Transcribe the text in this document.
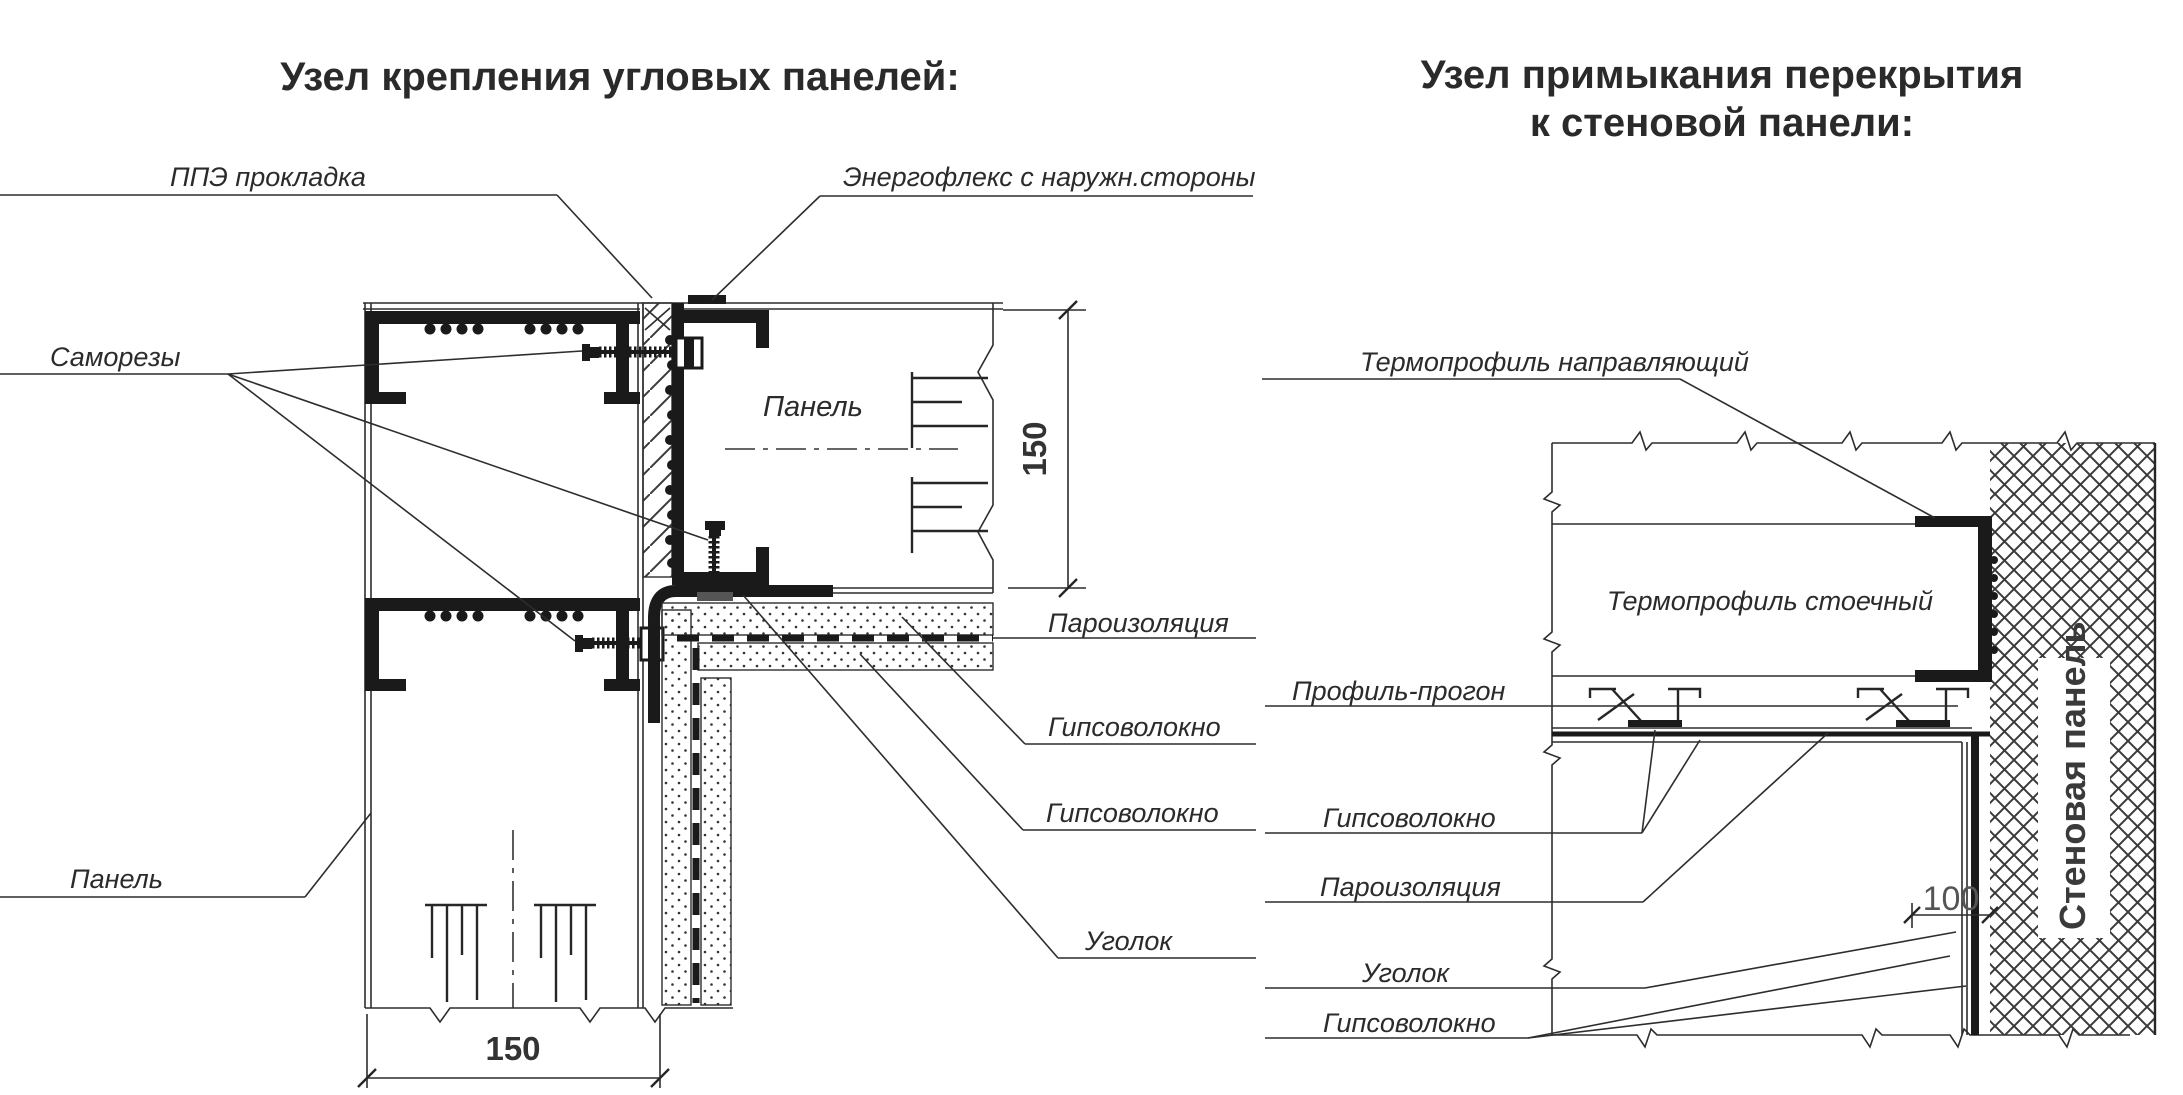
Узел крепления угловых панелей:	Узел примыкания перекрытия
к стеновой панели:
150
150
ППЭ прокладка	Энергофлекс с наружн.стороны
Саморезы
Панель
Панель
Пароизоляция
Гипсоволокно
Гипсоволокно
Уголок
Стеновая панель
Термопрофиль стоечный
100
Термопрофиль направляющий
Профиль-прогон
Гипсоволокно
Пароизоляция
Уголок
Гипсоволокно
